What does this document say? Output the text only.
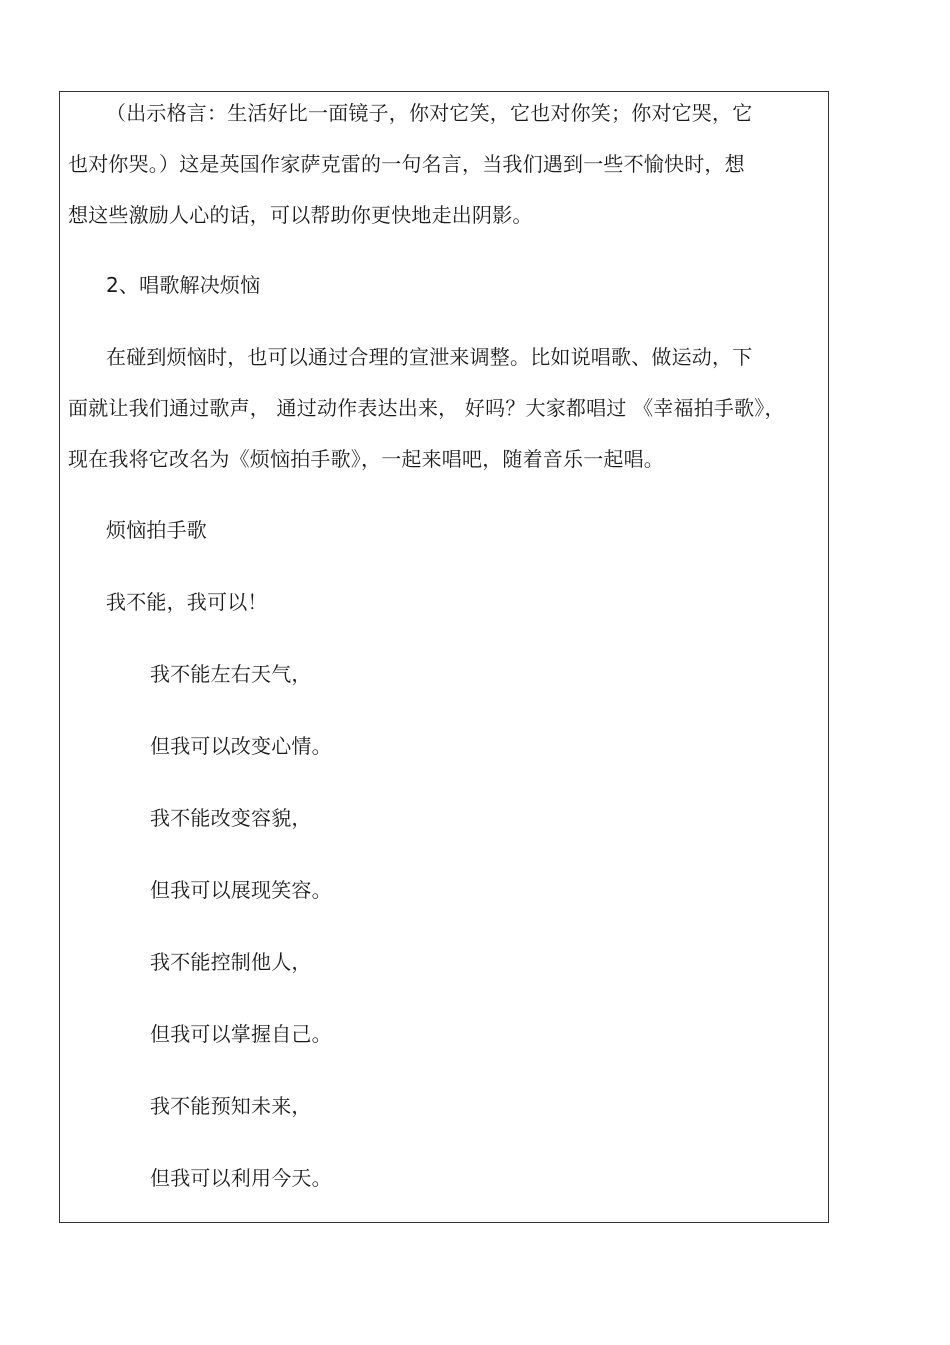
（出示格言：生活好比一面镜子，你对它笑，它也对你笑；你对它哭，它
也对你哭。）这是英国作家萨克雷的一句名言，当我们遇到一些不愉快时，想
想这些激励人心的话，可以帮助你更快地走出阴影。
2、唱歌解决烦恼
在碰到烦恼时，也可以通过合理的宣泄来调整。比如说唱歌、做运动，下
面就让我们通过歌声， 通过动作表达出来， 好吗？大家都唱过 《幸福拍手歌》，
现在我将它改名为《烦恼拍手歌》，一起来唱吧，随着音乐一起唱。
烦恼拍手歌
我不能，我可以！
我不能左右天气，
但我可以改变心情。
我不能改变容貌，
但我可以展现笑容。
我不能控制他人，
但我可以掌握自己。
我不能预知未来，
但我可以利用今天。
